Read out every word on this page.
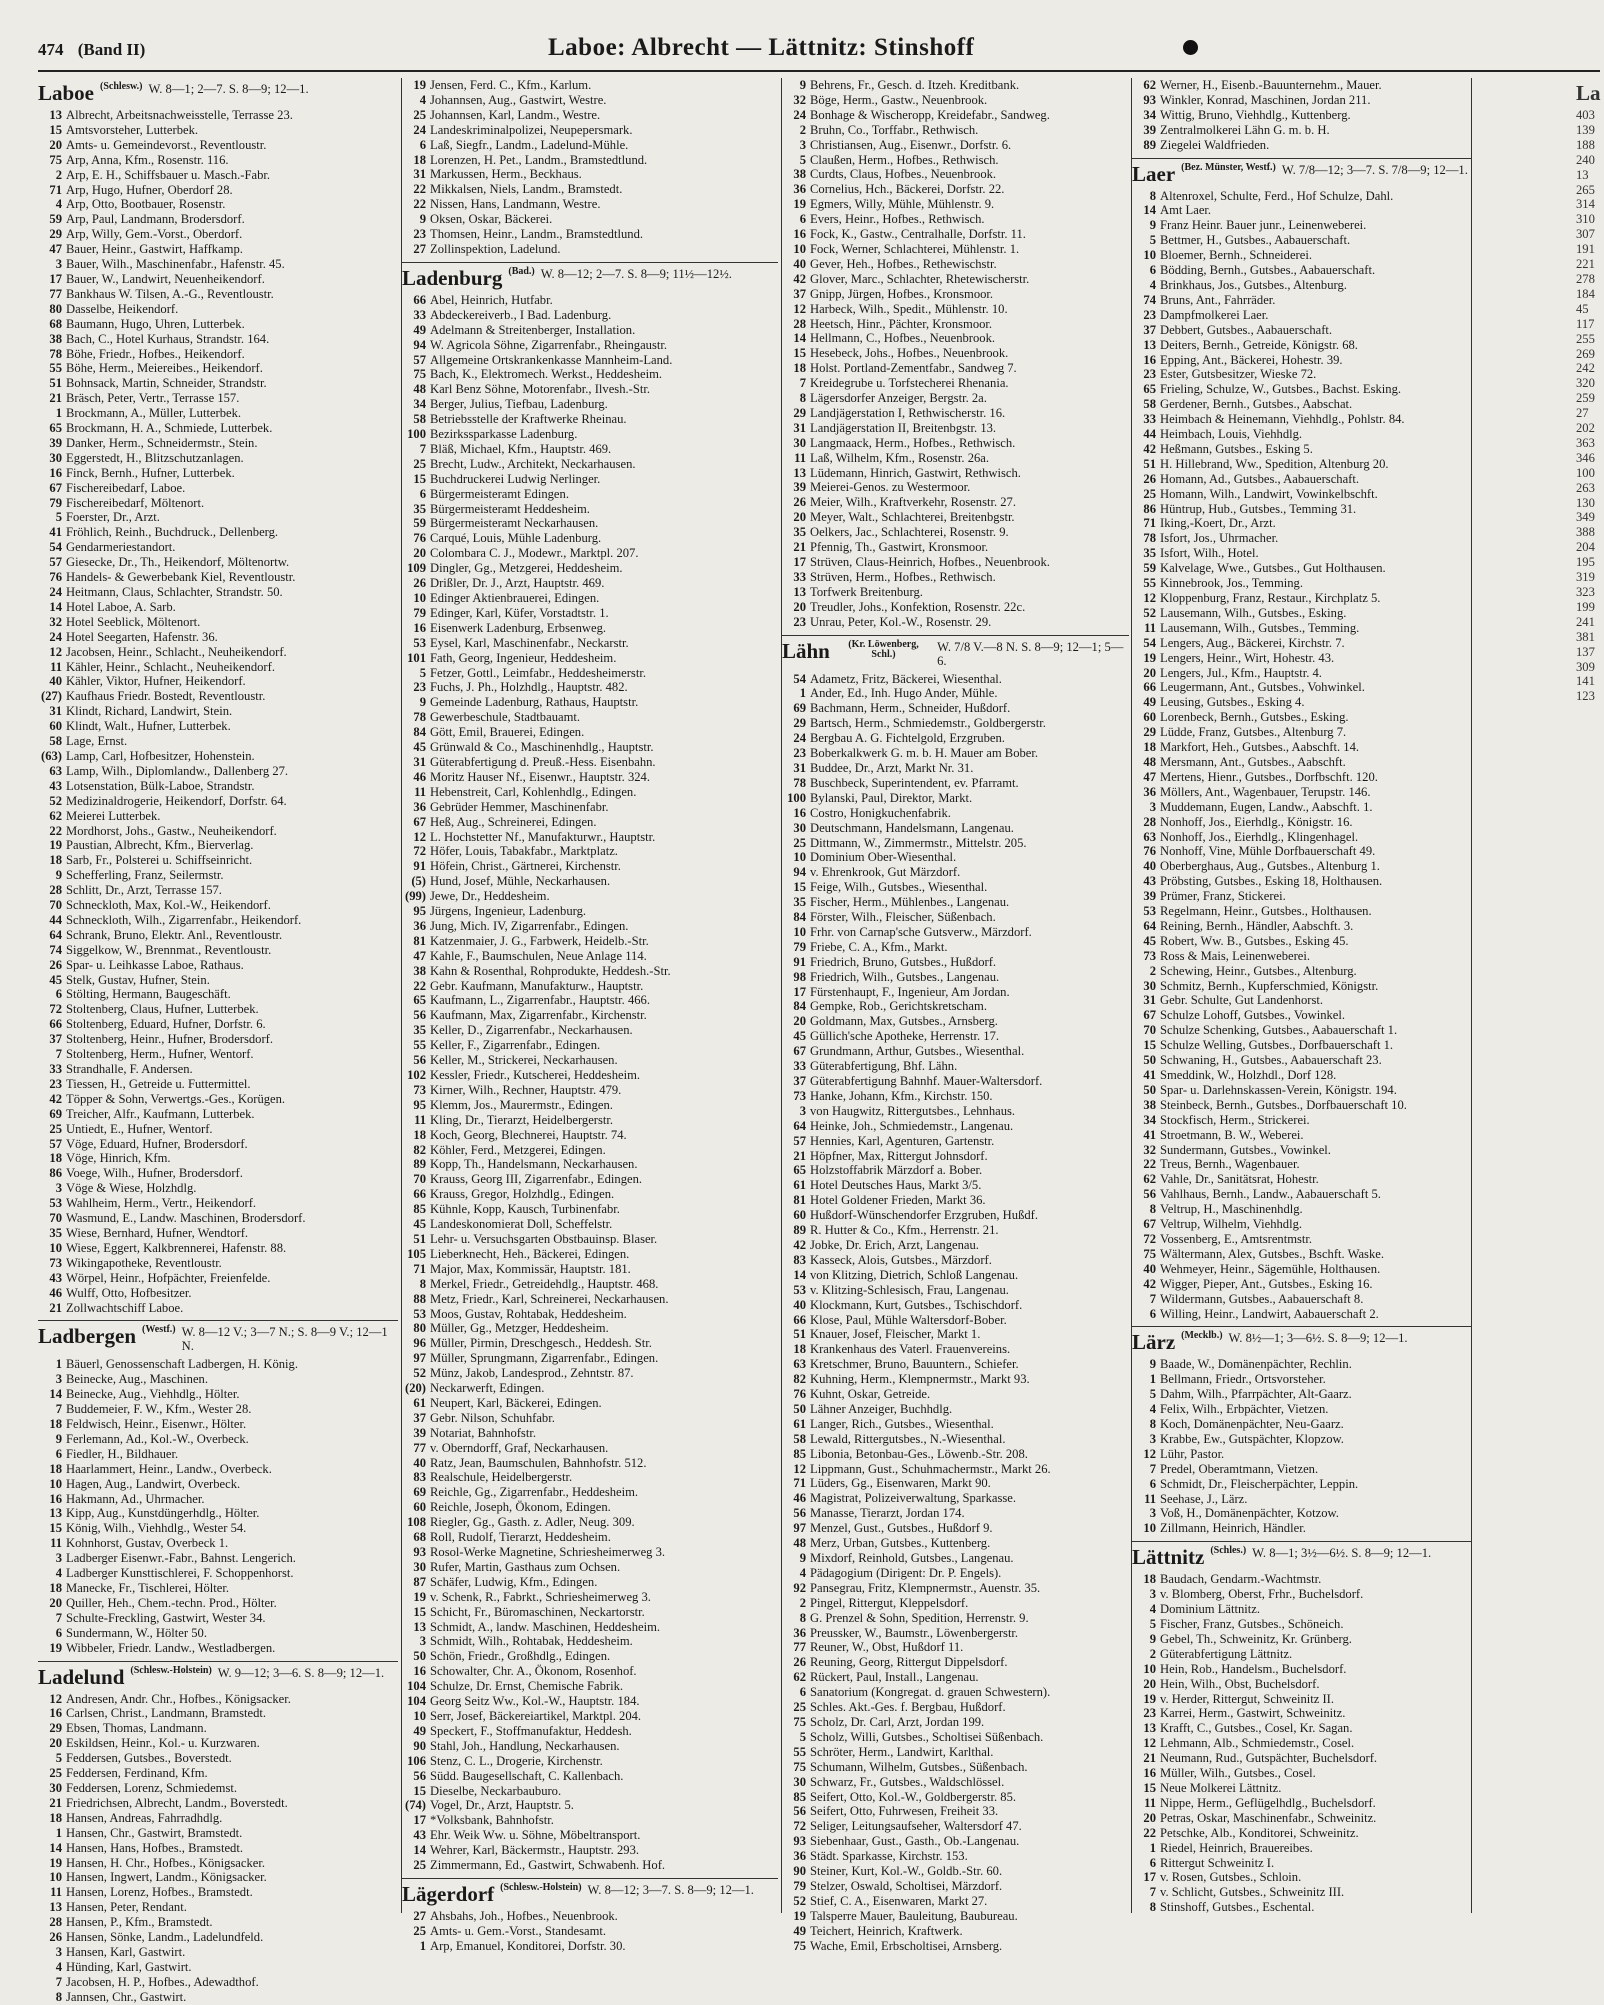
474 (Band II)	Laboe: Albrecht — Lättnitz: Stinshoff
Laboe (Schlesw.) W. 8—1; 2—7. S. 8—9; 12—1.
13 Albrecht, Arbeitsnachweisstelle, Terrasse 23.
15 Amtsvorsteher, Lutterbek.
20 Amts- u. Gemeindevorst., Reventloustr.
75 Arp, Anna, Kfm., Rosenstr. 116.
2 Arp, E. H., Schiffsbauer u. Masch.-Fabr.
71 Arp, Hugo, Hufner, Oberdorf 28.
4 Arp, Otto, Bootbauer, Rosenstr.
59 Arp, Paul, Landmann, Brodersdorf.
29 Arp, Willy, Gem.-Vorst., Oberdorf.
47 Bauer, Heinr., Gastwirt, Haffkamp.
3 Bauer, Wilh., Maschinenfabr., Hafenstr. 45.
17 Bauer, W., Landwirt, Neuenheikendorf.
77 Bankhaus W. Tilsen, A.-G., Reventloustr.
80 Dasselbe, Heikendorf.
68 Baumann, Hugo, Uhren, Lutterbek.
38 Bach, C., Hotel Kurhaus, Strandstr. 164.
78 Böhe, Friedr., Hofbes., Heikendorf.
55 Böhe, Herm., Meiereibes., Heikendorf.
51 Bohnsack, Martin, Schneider, Strandstr.
21 Bräsch, Peter, Vertr., Terrasse 157.
1 Brockmann, A., Müller, Lutterbek.
65 Brockmann, H. A., Schmiede, Lutterbek.
39 Danker, Herm., Schneidermstr., Stein.
30 Eggerstedt, H., Blitzschutzanlagen.
16 Finck, Bernh., Hufner, Lutterbek.
67 Fischereibedarf, Laboe.
79 Fischereibedarf, Möltenort.
5 Foerster, Dr., Arzt.
41 Fröhlich, Reinh., Buchdruck., Dellenberg.
54 Gendarmeriestandort.
57 Giesecke, Dr., Th., Heikendorf, Möltenortw.
76 Handels- & Gewerbebank Kiel, Reventloustr.
24 Heitmann, Claus, Schlachter, Strandstr. 50.
14 Hotel Laboe, A. Sarb.
32 Hotel Seeblick, Möltenort.
24 Hotel Seegarten, Hafenstr. 36.
12 Jacobsen, Heinr., Schlacht., Neuheikendorf.
11 Kähler, Heinr., Schlacht., Neuheikendorf.
40 Kähler, Viktor, Hufner, Heikendorf.
(27) Kaufhaus Friedr. Bostedt, Reventloustr.
31 Klindt, Richard, Landwirt, Stein.
60 Klindt, Walt., Hufner, Lutterbek.
58 Lage, Ernst.
(63) Lamp, Carl, Hofbesitzer, Hohenstein.
63 Lamp, Wilh., Diplomlandw., Dallenberg 27.
43 Lotsenstation, Bülk-Laboe, Strandstr.
52 Medizinaldrogerie, Heikendorf, Dorfstr. 64.
62 Meierei Lutterbek.
22 Mordhorst, Johs., Gastw., Neuheikendorf.
19 Paustian, Albrecht, Kfm., Bierverlag.
18 Sarb, Fr., Polsterei u. Schiffseinricht.
9 Schefferling, Franz, Seilermstr.
28 Schlitt, Dr., Arzt, Terrasse 157.
70 Schneckloth, Max, Kol.-W., Heikendorf.
44 Schneckloth, Wilh., Zigarrenfabr., Heikendorf.
64 Schrank, Bruno, Elektr. Anl., Reventloustr.
74 Siggelkow, W., Brennmat., Reventloustr.
26 Spar- u. Leihkasse Laboe, Rathaus.
45 Stelk, Gustav, Hufner, Stein.
6 Stölting, Hermann, Baugeschäft.
72 Stoltenberg, Claus, Hufner, Lutterbek.
66 Stoltenberg, Eduard, Hufner, Dorfstr. 6.
37 Stoltenberg, Heinr., Hufner, Brodersdorf.
7 Stoltenberg, Herm., Hufner, Wentorf.
33 Strandhalle, F. Andersen.
23 Tiessen, H., Getreide u. Futtermittel.
42 Töpper & Sohn, Verwertgs.-Ges., Korügen.
69 Treicher, Alfr., Kaufmann, Lutterbek.
25 Untiedt, E., Hufner, Wentorf.
57 Vöge, Eduard, Hufner, Brodersdorf.
18 Vöge, Hinrich, Kfm.
86 Voege, Wilh., Hufner, Brodersdorf.
3 Vöge & Wiese, Holzhdlg.
53 Wahlheim, Herm., Vertr., Heikendorf.
70 Wasmund, E., Landw. Maschinen, Brodersdorf.
35 Wiese, Bernhard, Hufner, Wendtorf.
10 Wiese, Eggert, Kalkbrennerei, Hafenstr. 88.
73 Wikingapotheke, Reventloustr.
43 Wörpel, Heinr., Hofpächter, Freienfelde.
46 Wulff, Otto, Hofbesitzer.
21 Zollwachtschiff Laboe.
Ladbergen (Westf.) W. 8—12 V.; 3—7 N.; S. 8—9 V.; 12—1 N.
1 Bäuerl, Genossenschaft Ladbergen, H. König.
3 Beinecke, Aug., Maschinen.
14 Beinecke, Aug., Viehhdlg., Hölter.
7 Buddemeier, F. W., Kfm., Wester 28.
18 Feldwisch, Heinr., Eisenwr., Hölter.
9 Ferlemann, Ad., Kol.-W., Overbeck.
6 Fiedler, H., Bildhauer.
18 Haarlammert, Heinr., Landw., Overbeck.
10 Hagen, Aug., Landwirt, Overbeck.
16 Hakmann, Ad., Uhrmacher.
13 Kipp, Aug., Kunstdüngerhdlg., Hölter.
15 König, Wilh., Viehhdlg., Wester 54.
11 Kohnhorst, Gustav, Overbeck 1.
3 Ladberger Eisenwr.-Fabr., Bahnst. Lengerich.
4 Ladberger Kunsttischlerei, F. Schoppenhorst.
18 Manecke, Fr., Tischlerei, Hölter.
20 Quiller, Heh., Chem.-techn. Prod., Hölter.
7 Schulte-Freckling, Gastwirt, Wester 34.
6 Sundermann, W., Hölter 50.
19 Wibbeler, Friedr. Landw., Westladbergen.
Ladelund (Schlesw.-Holstein) W. 9—12; 3—6. S. 8—9; 12—1.
12 Andresen, Andr. Chr., Hofbes., Königsacker.
16 Carlsen, Christ., Landmann, Bramstedt.
29 Ebsen, Thomas, Landmann.
20 Eskildsen, Heinr., Kol.- u. Kurzwaren.
5 Feddersen, Gutsbes., Boverstedt.
25 Feddersen, Ferdinand, Kfm.
30 Feddersen, Lorenz, Schmiedemst.
21 Friedrichsen, Albrecht, Landm., Boverstedt.
18 Hansen, Andreas, Fahrradhdlg.
1 Hansen, Chr., Gastwirt, Bramstedt.
14 Hansen, Hans, Hofbes., Bramstedt.
19 Hansen, H. Chr., Hofbes., Königsacker.
10 Hansen, Ingwert, Landm., Königsacker.
11 Hansen, Lorenz, Hofbes., Bramstedt.
13 Hansen, Peter, Rendant.
28 Hansen, P., Kfm., Bramstedt.
26 Hansen, Sönke, Landm., Ladelundfeld.
3 Hansen, Karl, Gastwirt.
4 Hünding, Karl, Gastwirt.
7 Jacobsen, H. P., Hofbes., Adewadthof.
8 Jannsen, Chr., Gastwirt.
19 Jensen, Ferd. C., Kfm., Karlum.
4 Johannsen, Aug., Gastwirt, Westre.
25 Johannsen, Karl, Landm., Westre.
24 Landeskriminalpolizei, Neupepersmark.
6 Laß, Siegfr., Landm., Ladelund-Mühle.
18 Lorenzen, H. Pet., Landm., Bramstedtlund.
31 Markussen, Herm., Beckhaus.
22 Mikkalsen, Niels, Landm., Bramstedt.
22 Nissen, Hans, Landmann, Westre.
9 Oksen, Oskar, Bäckerei.
23 Thomsen, Heinr., Landm., Bramstedtlund.
27 Zollinspektion, Ladelund.
Ladenburg (Bad.) W. 8—12; 2—7. S. 8—9; 11½—12½.
66 Abel, Heinrich, Hutfabr.
33 Abdeckereiverb., I Bad. Ladenburg.
49 Adelmann & Streitenberger, Installation.
94 W. Agricola Söhne, Zigarrenfabr., Rheingaustr.
57 Allgemeine Ortskrankenkasse Mannheim-Land.
75 Bach, K., Elektromech. Werkst., Heddesheim.
48 Karl Benz Söhne, Motorenfabr., Ilvesh.-Str.
34 Berger, Julius, Tiefbau, Ladenburg.
58 Betriebsstelle der Kraftwerke Rheinau.
100 Bezirkssparkasse Ladenburg.
7 Bläß, Michael, Kfm., Hauptstr. 469.
25 Brecht, Ludw., Architekt, Neckarhausen.
15 Buchdruckerei Ludwig Nerlinger.
6 Bürgermeisteramt Edingen.
35 Bürgermeisteramt Heddesheim.
59 Bürgermeisteramt Neckarhausen.
76 Carqué, Louis, Mühle Ladenburg.
20 Colombara C. J., Modewr., Marktpl. 207.
109 Dingler, Gg., Metzgerei, Heddesheim.
26 Drißler, Dr. J., Arzt, Hauptstr. 469.
10 Edinger Aktienbrauerei, Edingen.
79 Edinger, Karl, Küfer, Vorstadtstr. 1.
16 Eisenwerk Ladenburg, Erbsenweg.
53 Eysel, Karl, Maschinenfabr., Neckarstr.
101 Fath, Georg, Ingenieur, Heddesheim.
5 Fetzer, Gottl., Leimfabr., Heddesheimerstr.
23 Fuchs, J. Ph., Holzhdlg., Hauptstr. 482.
9 Gemeinde Ladenburg, Rathaus, Hauptstr.
78 Gewerbeschule, Stadtbauamt.
84 Gött, Emil, Brauerei, Edingen.
45 Grünwald & Co., Maschinenhdlg., Hauptstr.
31 Güterabfertigung d. Preuß.-Hess. Eisenbahn.
46 Moritz Hauser Nf., Eisenwr., Hauptstr. 324.
11 Hebenstreit, Carl, Kohlenhdlg., Edingen.
36 Gebrüder Hemmer, Maschinenfabr.
67 Heß, Aug., Schreinerei, Edingen.
12 L. Hochstetter Nf., Manufakturwr., Hauptstr.
72 Höfer, Louis, Tabakfabr., Marktplatz.
91 Höfein, Christ., Gärtnerei, Kirchenstr.
(5) Hund, Josef, Mühle, Neckarhausen.
(99) Jewe, Dr., Heddesheim.
95 Jürgens, Ingenieur, Ladenburg.
36 Jung, Mich. IV, Zigarrenfabr., Edingen.
81 Katzenmaier, J. G., Farbwerk, Heidelb.-Str.
47 Kahle, F., Baumschulen, Neue Anlage 114.
38 Kahn & Rosenthal, Rohprodukte, Heddesh.-Str.
22 Gebr. Kaufmann, Manufakturw., Hauptstr.
65 Kaufmann, L., Zigarrenfabr., Hauptstr. 466.
56 Kaufmann, Max, Zigarrenfabr., Kirchenstr.
35 Keller, D., Zigarrenfabr., Neckarhausen.
55 Keller, F., Zigarrenfabr., Edingen.
56 Keller, M., Strickerei, Neckarhausen.
102 Kessler, Friedr., Kutscherei, Heddesheim.
73 Kirner, Wilh., Rechner, Hauptstr. 479.
95 Klemm, Jos., Maurermstr., Edingen.
11 Kling, Dr., Tierarzt, Heidelbergerstr.
18 Koch, Georg, Blechnerei, Hauptstr. 74.
82 Köhler, Ferd., Metzgerei, Edingen.
89 Kopp, Th., Handelsmann, Neckarhausen.
70 Krauss, Georg III, Zigarrenfabr., Edingen.
66 Krauss, Gregor, Holzhdlg., Edingen.
85 Kühnle, Kopp, Kausch, Turbinenfabr.
45 Landeskonomierat Doll, Scheffelstr.
51 Lehr- u. Versuchsgarten Obstbauinsp. Blaser.
105 Lieberknecht, Heh., Bäckerei, Edingen.
71 Major, Max, Kommissär, Hauptstr. 181.
8 Merkel, Friedr., Getreidehdlg., Hauptstr. 468.
88 Metz, Friedr., Karl, Schreinerei, Neckarhausen.
53 Moos, Gustav, Rohtabak, Heddesheim.
80 Müller, Gg., Metzger, Heddesheim.
96 Müller, Pirmin, Dreschgesch., Heddesh. Str.
97 Müller, Sprungmann, Zigarrenfabr., Edingen.
52 Münz, Jakob, Landesprod., Zehntstr. 87.
(20) Neckarwerft, Edingen.
61 Neupert, Karl, Bäckerei, Edingen.
37 Gebr. Nilson, Schuhfabr.
39 Notariat, Bahnhofstr.
77 v. Oberndorff, Graf, Neckarhausen.
40 Ratz, Jean, Baumschulen, Bahnhofstr. 512.
83 Realschule, Heidelbergerstr.
69 Reichle, Gg., Zigarrenfabr., Heddesheim.
60 Reichle, Joseph, Ökonom, Edingen.
108 Riegler, Gg., Gasth. z. Adler, Neug. 309.
68 Roll, Rudolf, Tierarzt, Heddesheim.
93 Rosol-Werke Magnetine, Schriesheimerweg 3.
30 Rufer, Martin, Gasthaus zum Ochsen.
87 Schäfer, Ludwig, Kfm., Edingen.
19 v. Schenk, R., Fabrkt., Schriesheimerweg 3.
15 Schicht, Fr., Büromaschinen, Neckartorstr.
13 Schmidt, A., landw. Maschinen, Heddesheim.
3 Schmidt, Wilh., Rohtabak, Heddesheim.
50 Schön, Friedr., Großhdlg., Edingen.
16 Schowalter, Chr. A., Ökonom, Rosenhof.
104 Schulze, Dr. Ernst, Chemische Fabrik.
104 Georg Seitz Ww., Kol.-W., Hauptstr. 184.
10 Serr, Josef, Bäckereiartikel, Marktpl. 204.
49 Speckert, F., Stoffmanufaktur, Heddesh.
90 Stahl, Joh., Handlung, Neckarhausen.
106 Stenz, C. L., Drogerie, Kirchenstr.
56 Südd. Baugesellschaft, C. Kallenbach.
15 Dieselbe, Neckarbauburo.
(74) Vogel, Dr., Arzt, Hauptstr. 5.
17 *Volksbank, Bahnhofstr.
43 Ehr. Weik Ww. u. Söhne, Möbeltransport.
14 Wehrer, Karl, Bäckermstr., Hauptstr. 293.
25 Zimmermann, Ed., Gastwirt, Schwabenh. Hof.
Lägerdorf (Schlesw.-Holstein) W. 8—12; 3—7. S. 8—9; 12—1.
27 Ahsbahs, Joh., Hofbes., Neuenbrook.
25 Amts- u. Gem.-Vorst., Standesamt.
1 Arp, Emanuel, Konditorei, Dorfstr. 30.
9 Behrens, Fr., Gesch. d. Itzeh. Kreditbank.
32 Böge, Herm., Gastw., Neuenbrook.
24 Bonhage & Wischeropp, Kreidefabr., Sandweg.
2 Bruhn, Co., Torffabr., Rethwisch.
3 Christiansen, Aug., Eisenwr., Dorfstr. 6.
5 Claußen, Herm., Hofbes., Rethwisch.
38 Curdts, Claus, Hofbes., Neuenbrook.
36 Cornelius, Hch., Bäckerei, Dorfstr. 22.
19 Egmers, Willy, Mühle, Mühlenstr. 9.
6 Evers, Heinr., Hofbes., Rethwisch.
16 Fock, K., Gastw., Centralhalle, Dorfstr. 11.
10 Fock, Werner, Schlachterei, Mühlenstr. 1.
40 Gever, Heh., Hofbes., Rethewischstr.
42 Glover, Marc., Schlachter, Rhetewischerstr.
37 Gnipp, Jürgen, Hofbes., Kronsmoor.
12 Harbeck, Wilh., Spedit., Mühlenstr. 10.
28 Heetsch, Hinr., Pächter, Kronsmoor.
14 Hellmann, C., Hofbes., Neuenbrook.
15 Hesebeck, Johs., Hofbes., Neuenbrook.
18 Holst. Portland-Zementfabr., Sandweg 7.
7 Kreidegrube u. Torfstecherei Rhenania.
8 Lägersdorfer Anzeiger, Bergstr. 2a.
29 Landjägerstation I, Rethwischerstr. 16.
31 Landjägerstation II, Breitenbgstr. 13.
30 Langmaack, Herm., Hofbes., Rethwisch.
11 Laß, Wilhelm, Kfm., Rosenstr. 26a.
13 Lüdemann, Hinrich, Gastwirt, Rethwisch.
39 Meierei-Genos. zu Westermoor.
26 Meier, Wilh., Kraftverkehr, Rosenstr. 27.
20 Meyer, Walt., Schlachterei, Breitenbgstr.
35 Oelkers, Jac., Schlachterei, Rosenstr. 9.
21 Pfennig, Th., Gastwirt, Kronsmoor.
17 Strüven, Claus-Heinrich, Hofbes., Neuenbrook.
33 Strüven, Herm., Hofbes., Rethwisch.
13 Torfwerk Breitenburg.
20 Treudler, Johs., Konfektion, Rosenstr. 22c.
23 Unrau, Peter, Kol.-W., Rosenstr. 29.
Lähn	(Kr. Löwenberg, Schl.)
W. 7/8 V.—8 N. S. 8—9; 12—1; 5—6.
54 Adametz, Fritz, Bäckerei, Wiesenthal.
1 Ander, Ed., Inh. Hugo Ander, Mühle.
69 Bachmann, Herm., Schneider, Hußdorf.
29 Bartsch, Herm., Schmiedemstr., Goldbergerstr.
24 Bergbau A. G. Fichtelgold, Erzgruben.
23 Boberkalkwerk G. m. b. H. Mauer am Bober.
31 Buddee, Dr., Arzt, Markt Nr. 31.
78 Buschbeck, Superintendent, ev. Pfarramt.
100 Bylanski, Paul, Direktor, Markt.
16 Costro, Honigkuchenfabrik.
30 Deutschmann, Handelsmann, Langenau.
25 Dittmann, W., Zimmermstr., Mittelstr. 205.
10 Dominium Ober-Wiesenthal.
94 v. Ehrenkrook, Gut Märzdorf.
15 Feige, Wilh., Gutsbes., Wiesenthal.
35 Fischer, Herm., Mühlenbes., Langenau.
84 Förster, Wilh., Fleischer, Süßenbach.
10 Frhr. von Carnap'sche Gutsverw., Märzdorf.
79 Friebe, C. A., Kfm., Markt.
91 Friedrich, Bruno, Gutsbes., Hußdorf.
98 Friedrich, Wilh., Gutsbes., Langenau.
17 Fürstenhaupt, F., Ingenieur, Am Jordan.
84 Gempke, Rob., Gerichtskretscham.
20 Goldmann, Max, Gutsbes., Arnsberg.
45 Güllich'sche Apotheke, Herrenstr. 17.
67 Grundmann, Arthur, Gutsbes., Wiesenthal.
33 Güterabfertigung, Bhf. Lähn.
37 Güterabfertigung Bahnhf. Mauer-Waltersdorf.
73 Hanke, Johann, Kfm., Kirchstr. 150.
3 von Haugwitz, Rittergutsbes., Lehnhaus.
64 Heinke, Joh., Schmiedemstr., Langenau.
57 Hennies, Karl, Agenturen, Gartenstr.
21 Höpfner, Max, Rittergut Johnsdorf.
65 Holzstoffabrik Märzdorf a. Bober.
61 Hotel Deutsches Haus, Markt 3/5.
81 Hotel Goldener Frieden, Markt 36.
60 Hußdorf-Wünschendorfer Erzgruben, Hußdf.
89 R. Hutter & Co., Kfm., Herrenstr. 21.
42 Jobke, Dr. Erich, Arzt, Langenau.
83 Kasseck, Alois, Gutsbes., Märzdorf.
14 von Klitzing, Dietrich, Schloß Langenau.
53 v. Klitzing-Schlesisch, Frau, Langenau.
40 Klockmann, Kurt, Gutsbes., Tschischdorf.
66 Klose, Paul, Mühle Waltersdorf-Bober.
51 Knauer, Josef, Fleischer, Markt 1.
18 Krankenhaus des Vaterl. Frauenvereins.
63 Kretschmer, Bruno, Bauuntern., Schiefer.
82 Kuhning, Herm., Klempnermstr., Markt 93.
76 Kuhnt, Oskar, Getreide.
50 Lähner Anzeiger, Buchhdlg.
61 Langer, Rich., Gutsbes., Wiesenthal.
58 Lewald, Rittergutsbes., N.-Wiesenthal.
85 Libonia, Betonbau-Ges., Löwenb.-Str. 208.
12 Lippmann, Gust., Schuhmachermstr., Markt 26.
71 Lüders, Gg., Eisenwaren, Markt 90.
46 Magistrat, Polizeiverwaltung, Sparkasse.
56 Manasse, Tierarzt, Jordan 174.
97 Menzel, Gust., Gutsbes., Hußdorf 9.
48 Merz, Urban, Gutsbes., Kuttenberg.
9 Mixdorf, Reinhold, Gutsbes., Langenau.
4 Pädagogium (Dirigent: Dr. P. Engels).
92 Pansegrau, Fritz, Klempnermstr., Auenstr. 35.
2 Pingel, Rittergut, Kleppelsdorf.
8 G. Prenzel & Sohn, Spedition, Herrenstr. 9.
36 Preussker, W., Baumstr., Löwenbergerstr.
77 Reuner, W., Obst, Hußdorf 11.
26 Reuning, Georg, Rittergut Dippelsdorf.
62 Rückert, Paul, Install., Langenau.
6 Sanatorium (Kongregat. d. grauen Schwestern).
25 Schles. Akt.-Ges. f. Bergbau, Hußdorf.
75 Scholz, Dr. Carl, Arzt, Jordan 199.
5 Scholz, Willi, Gutsbes., Scholtisei Süßenbach.
55 Schröter, Herm., Landwirt, Karlthal.
75 Schumann, Wilhelm, Gutsbes., Süßenbach.
30 Schwarz, Fr., Gutsbes., Waldschlössel.
85 Seifert, Otto, Kol.-W., Goldbergerstr. 85.
56 Seifert, Otto, Fuhrwesen, Freiheit 33.
72 Seliger, Leitungsaufseher, Waltersdorf 47.
93 Siebenhaar, Gust., Gasth., Ob.-Langenau.
36 Städt. Sparkasse, Kirchstr. 153.
90 Steiner, Kurt, Kol.-W., Goldb.-Str. 60.
79 Stelzer, Oswald, Scholtisei, Märzdorf.
52 Stief, C. A., Eisenwaren, Markt 27.
19 Talsperre Mauer, Bauleitung, Baubureau.
49 Teichert, Heinrich, Kraftwerk.
75 Wache, Emil, Erbscholtisei, Arnsberg.
62 Werner, H., Eisenb.-Bauunternehm., Mauer.
93 Winkler, Konrad, Maschinen, Jordan 211.
34 Wittig, Bruno, Viehhdlg., Kuttenberg.
39 Zentralmolkerei Lähn G. m. b. H.
89 Ziegelei Waldfrieden.
Laer (Bez. Münster, Westf.) W. 7/8—12; 3—7. S. 7/8—9; 12—1.
8 Altenroxel, Schulte, Ferd., Hof Schulze, Dahl.
14 Amt Laer.
9 Franz Heinr. Bauer junr., Leinenweberei.
5 Bettmer, H., Gutsbes., Aabauerschaft.
10 Bloemer, Bernh., Schneiderei.
6 Bödding, Bernh., Gutsbes., Aabauerschaft.
4 Brinkhaus, Jos., Gutsbes., Altenburg.
74 Bruns, Ant., Fahrräder.
23 Dampfmolkerei Laer.
37 Debbert, Gutsbes., Aabauerschaft.
13 Deiters, Bernh., Getreide, Königstr. 68.
16 Epping, Ant., Bäckerei, Hohestr. 39.
23 Ester, Gutsbesitzer, Wieske 72.
65 Frieling, Schulze, W., Gutsbes., Bachst. Esking.
58 Gerdener, Bernh., Gutsbes., Aabschat.
33 Heimbach & Heinemann, Viehhdlg., Pohlstr. 84.
44 Heimbach, Louis, Viehhdlg.
42 Heßmann, Gutsbes., Esking 5.
51 H. Hillebrand, Ww., Spedition, Altenburg 20.
26 Homann, Ad., Gutsbes., Aabauerschaft.
25 Homann, Wilh., Landwirt, Vowinkelbschft.
86 Hüntrup, Hub., Gutsbes., Temming 31.
71 Iking,-Koert, Dr., Arzt.
78 Isfort, Jos., Uhrmacher.
35 Isfort, Wilh., Hotel.
59 Kalvelage, Wwe., Gutsbes., Gut Holthausen.
55 Kinnebrook, Jos., Temming.
12 Kloppenburg, Franz, Restaur., Kirchplatz 5.
52 Lausemann, Wilh., Gutsbes., Esking.
11 Lausemann, Wilh., Gutsbes., Temming.
54 Lengers, Aug., Bäckerei, Kirchstr. 7.
19 Lengers, Heinr., Wirt, Hohestr. 43.
20 Lengers, Jul., Kfm., Hauptstr. 4.
66 Leugermann, Ant., Gutsbes., Vohwinkel.
49 Leusing, Gutsbes., Esking 4.
60 Lorenbeck, Bernh., Gutsbes., Esking.
29 Lüdde, Franz, Gutsbes., Altenburg 7.
18 Markfort, Heh., Gutsbes., Aabschft. 14.
48 Mersmann, Ant., Gutsbes., Aabschft.
47 Mertens, Hienr., Gutsbes., Dorfbschft. 120.
36 Möllers, Ant., Wagenbauer, Terupstr. 146.
3 Muddemann, Eugen, Landw., Aabschft. 1.
28 Nonhoff, Jos., Eierhdlg., Königstr. 16.
63 Nonhoff, Jos., Eierhdlg., Klingenhagel.
76 Nonhoff, Vine, Mühle Dorfbauerschaft 49.
40 Oberberghaus, Aug., Gutsbes., Altenburg 1.
43 Pröbsting, Gutsbes., Esking 18, Holthausen.
39 Prümer, Franz, Stickerei.
53 Regelmann, Heinr., Gutsbes., Holthausen.
64 Reining, Bernh., Händler, Aabschft. 3.
45 Robert, Ww. B., Gutsbes., Esking 45.
73 Ross & Mais, Leinenweberei.
2 Schewing, Heinr., Gutsbes., Altenburg.
30 Schmitz, Bernh., Kupferschmied, Königstr.
31 Gebr. Schulte, Gut Landenhorst.
67 Schulze Lohoff, Gutsbes., Vowinkel.
70 Schulze Schenking, Gutsbes., Aabauerschaft 1.
15 Schulze Welling, Gutsbes., Dorfbauerschaft 1.
50 Schwaning, H., Gutsbes., Aabauerschaft 23.
41 Smeddink, W., Holzhdl., Dorf 128.
50 Spar- u. Darlehnskassen-Verein, Königstr. 194.
38 Steinbeck, Bernh., Gutsbes., Dorfbauerschaft 10.
34 Stockfisch, Herm., Strickerei.
41 Stroetmann, B. W., Weberei.
32 Sundermann, Gutsbes., Vowinkel.
22 Treus, Bernh., Wagenbauer.
62 Vahle, Dr., Sanitätsrat, Hohestr.
56 Vahlhaus, Bernh., Landw., Aabauerschaft 5.
8 Veltrup, H., Maschinenhdlg.
67 Veltrup, Wilhelm, Viehhdlg.
72 Vossenberg, E., Amtsrentmstr.
75 Wältermann, Alex, Gutsbes., Bschft. Waske.
40 Wehmeyer, Heinr., Sägemühle, Holthausen.
42 Wigger, Pieper, Ant., Gutsbes., Esking 16.
7 Wildermann, Gutsbes., Aabauerschaft 8.
6 Willing, Heinr., Landwirt, Aabauerschaft 2.
Lärz (Mecklb.) W. 8½—1; 3—6½. S. 8—9; 12—1.
9 Baade, W., Domänenpächter, Rechlin.
1 Bellmann, Friedr., Ortsvorsteher.
5 Dahm, Wilh., Pfarrpächter, Alt-Gaarz.
4 Felix, Wilh., Erbpächter, Vietzen.
8 Koch, Domänenpächter, Neu-Gaarz.
3 Krabbe, Ew., Gutspächter, Klopzow.
12 Lühr, Pastor.
7 Predel, Oberamtmann, Vietzen.
6 Schmidt, Dr., Fleischerpächter, Leppin.
11 Seehase, J., Lärz.
3 Voß, H., Domänenpächter, Kotzow.
10 Zillmann, Heinrich, Händler.
Lättnitz (Schles.) W. 8—1; 3½—6½. S. 8—9; 12—1.
18 Baudach, Gendarm.-Wachtmstr.
3 v. Blomberg, Oberst, Frhr., Buchelsdorf.
4 Dominium Lättnitz.
5 Fischer, Franz, Gutsbes., Schöneich.
9 Gebel, Th., Schweinitz, Kr. Grünberg.
2 Güterabfertigung Lättnitz.
10 Hein, Rob., Handelsm., Buchelsdorf.
20 Hein, Wilh., Obst, Buchelsdorf.
19 v. Herder, Rittergut, Schweinitz II.
23 Karrei, Herm., Gastwirt, Schweinitz.
13 Krafft, C., Gutsbes., Cosel, Kr. Sagan.
12 Lehmann, Alb., Schmiedemstr., Cosel.
21 Neumann, Rud., Gutspächter, Buchelsdorf.
16 Müller, Wilh., Gutsbes., Cosel.
15 Neue Molkerei Lättnitz.
11 Nippe, Herm., Geflügelhdlg., Buchelsdorf.
20 Petras, Oskar, Maschinenfabr., Schweinitz.
22 Petschke, Alb., Konditorei, Schweinitz.
1 Riedel, Heinrich, Brauereibes.
6 Rittergut Schweinitz I.
17 v. Rosen, Gutsbes., Schloin.
7 v. Schlicht, Gutsbes., Schweinitz III.
8 Stinshoff, Gutsbes., Eschental.
La
403
139
188
240
13
265
314
310
307
191
221
278
184
45
117
255
269
242
320
259
27
202
363
346
100
263
130
349
388
204
195
319
323
199
241
381
137
309
141
123
